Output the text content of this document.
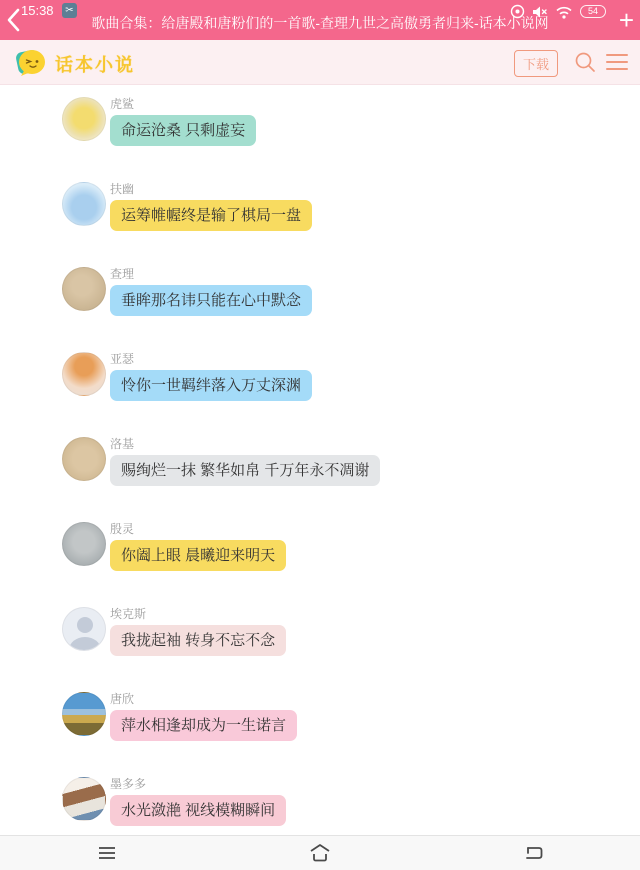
15:38	✂
歌曲合集：给唐殿和唐粉们的一首歌-查理九世之高傲勇者归来-话本小说网
54 +
话本小说	下载
虎鲨
命运沧桑 只剩虚妄
扶幽
运筹帷幄终是输了棋局一盘
查理
垂眸那名讳只能在心中默念
亚瑟
怜你一世羁绊落入万丈深渊
洛基
赐绚烂一抹 繁华如帛 千万年永不凋谢
殷灵
你阖上眼 晨曦迎来明天
埃克斯
我拢起袖 转身不忘不念
唐欣
萍水相逢却成为一生诺言
墨多多
水光潋滟 视线模糊瞬间
